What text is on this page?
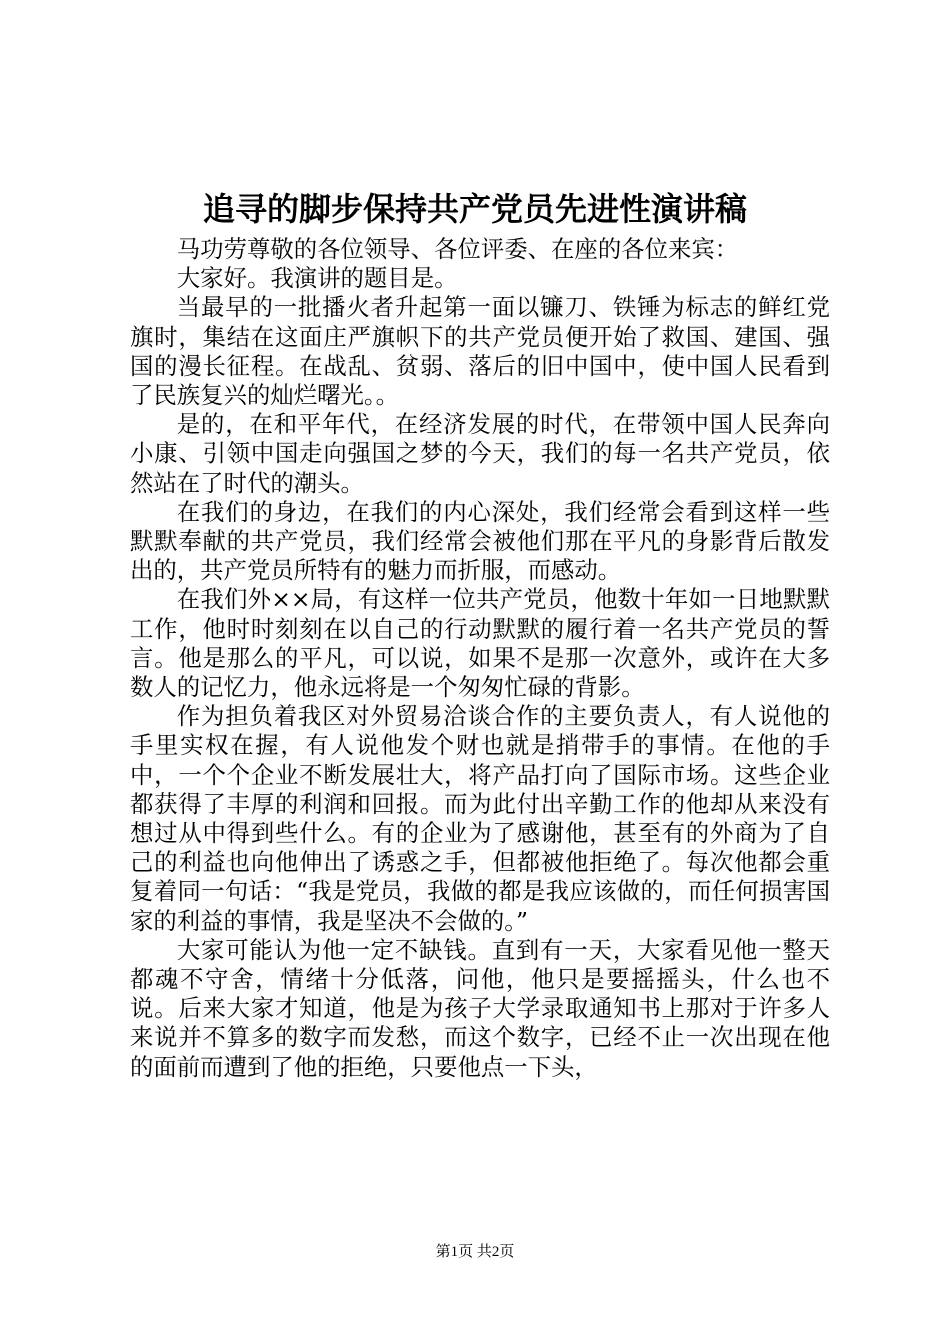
追寻的脚步保持共产党员先进性演讲稿

马功劳尊敬的各位领导、各位评委、在座的各位来宾：

大家好。我演讲的题目是。

当最早的一批播火者升起第一面以镰刀、铁锤为标志的鲜红党旗时，集结在这面庄严旗帜下的共产党员便开始了救国、建国、强国的漫长征程。在战乱、贫弱、落后的旧中国中，使中国人民看到了民族复兴的灿烂曙光。。

是的，在和平年代，在经济发展的时代，在带领中国人民奔向小康、引领中国走向强国之梦的今天，我们的每一名共产党员，依然站在了时代的潮头。

在我们的身边，在我们的内心深处，我们经常会看到这样一些默默奉献的共产党员，我们经常会被他们那在平凡的身影背后散发出的，共产党员所特有的魅力而折服，而感动。

在我们外××局，有这样一位共产党员，他数十年如一日地默默工作，他时时刻刻在以自己的行动默默的履行着一名共产党员的誓言。他是那么的平凡，可以说，如果不是那一次意外，或许在大多数人的记忆力，他永远将是一个匆匆忙碌的背影。

作为担负着我区对外贸易洽谈合作的主要负责人，有人说他的手里实权在握，有人说他发个财也就是捎带手的事情。在他的手中，一个个企业不断发展壮大，将产品打向了国际市场。这些企业都获得了丰厚的利润和回报。而为此付出辛勤工作的他却从来没有想过从中得到些什么。有的企业为了感谢他，甚至有的外商为了自己的利益也向他伸出了诱惑之手，但都被他拒绝了。每次他都会重复着同一句话：“我是党员，我做的都是我应该做的，而任何损害国家的利益的事情，我是坚决不会做的。”

大家可能认为他一定不缺钱。直到有一天，大家看见他一整天都魂不守舍，情绪十分低落，问他，他只是要摇摇头，什么也不说。后来大家才知道，他是为孩子大学录取通知书上那对于许多人来说并不算多的数字而发愁，而这个数字，已经不止一次出现在他的面前而遭到了他的拒绝，只要他点一下头，

第1页 共2页
